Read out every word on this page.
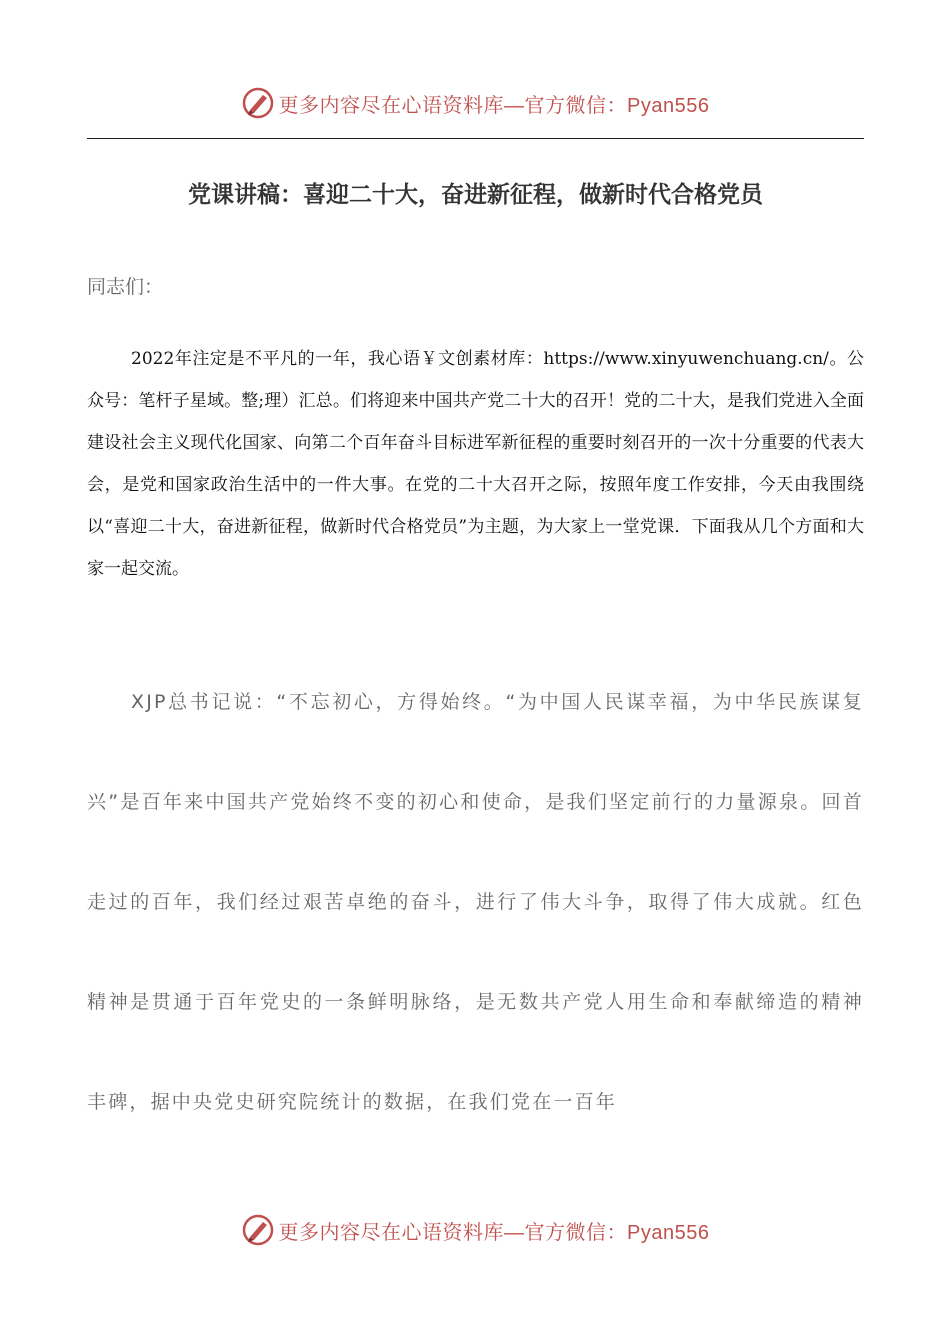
更多内容尽在心语资料库—官方微信：Pyan556
党课讲稿：喜迎二十大，奋进新征程，做新时代合格党员
同志们：
2022年注定是不平凡的一年，我心语￥文创素材库：https://www.xinyuwenchuang.cn/。公众号：笔杆子星域。整;理）汇总。们将迎来中国共产党二十大的召开！党的二十大，是我们党进入全面建设社会主义现代化国家、向第二个百年奋斗目标进军新征程的重要时刻召开的一次十分重要的代表大会，是党和国家政治生活中的一件大事。在党的二十大召开之际，按照年度工作安排，今天由我围绕以“喜迎二十大，奋进新征程，做新时代合格党员”为主题，为大家上一堂党课．下面我从几个方面和大家一起交流。
XJP总书记说：“不忘初心，方得始终。“为中国人民谋幸福，为中华民族谋复兴”是百年来中国共产党始终不变的初心和使命，是我们坚定前行的力量源泉。回首走过的百年，我们经过艰苦卓绝的奋斗，进行了伟大斗争，取得了伟大成就。红色精神是贯通于百年党史的一条鲜明脉络，是无数共产党人用生命和奉献缔造的精神丰碑，据中央党史研究院统计的数据，在我们党在一百年
更多内容尽在心语资料库—官方微信：Pyan556
